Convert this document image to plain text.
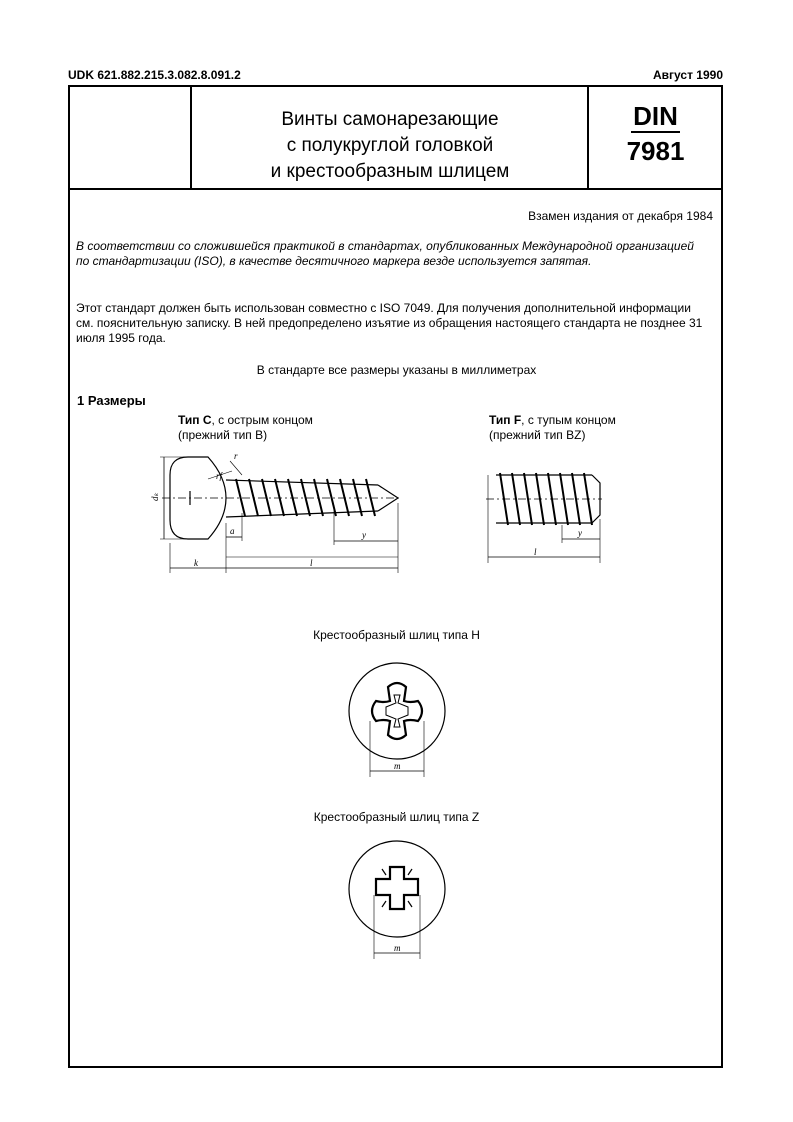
UDK 621.882.215.3.082.8.091.2	Август 1990
Винты самонарезающие
с полукруглой головкой
и крестообразным шлицем
DIN
7981
Взамен издания от декабря 1984
В соответствии со сложившейся практикой в стандартах, опубликованных Международной организацией по стандартизации (ISO), в качестве десятичного маркера везде используется запятая.
Этот стандарт должен быть использован совместно с ISO 7049. Для получения дополнительной информации см. пояснительную записку. В ней предопределено изъятие из обращения настоящего стандарта не позднее 31 июля 1995 года.
В стандарте все размеры указаны в миллиметрах
1 Размеры
Тип С, с острым концом
(прежний тип B)
Тип F, с тупым концом
(прежний тип BZ)
dₖ
k	l
y
a
r
rf
l
y
Крестообразный шлиц типа H
m
Крестообразный шлиц типа Z
m
